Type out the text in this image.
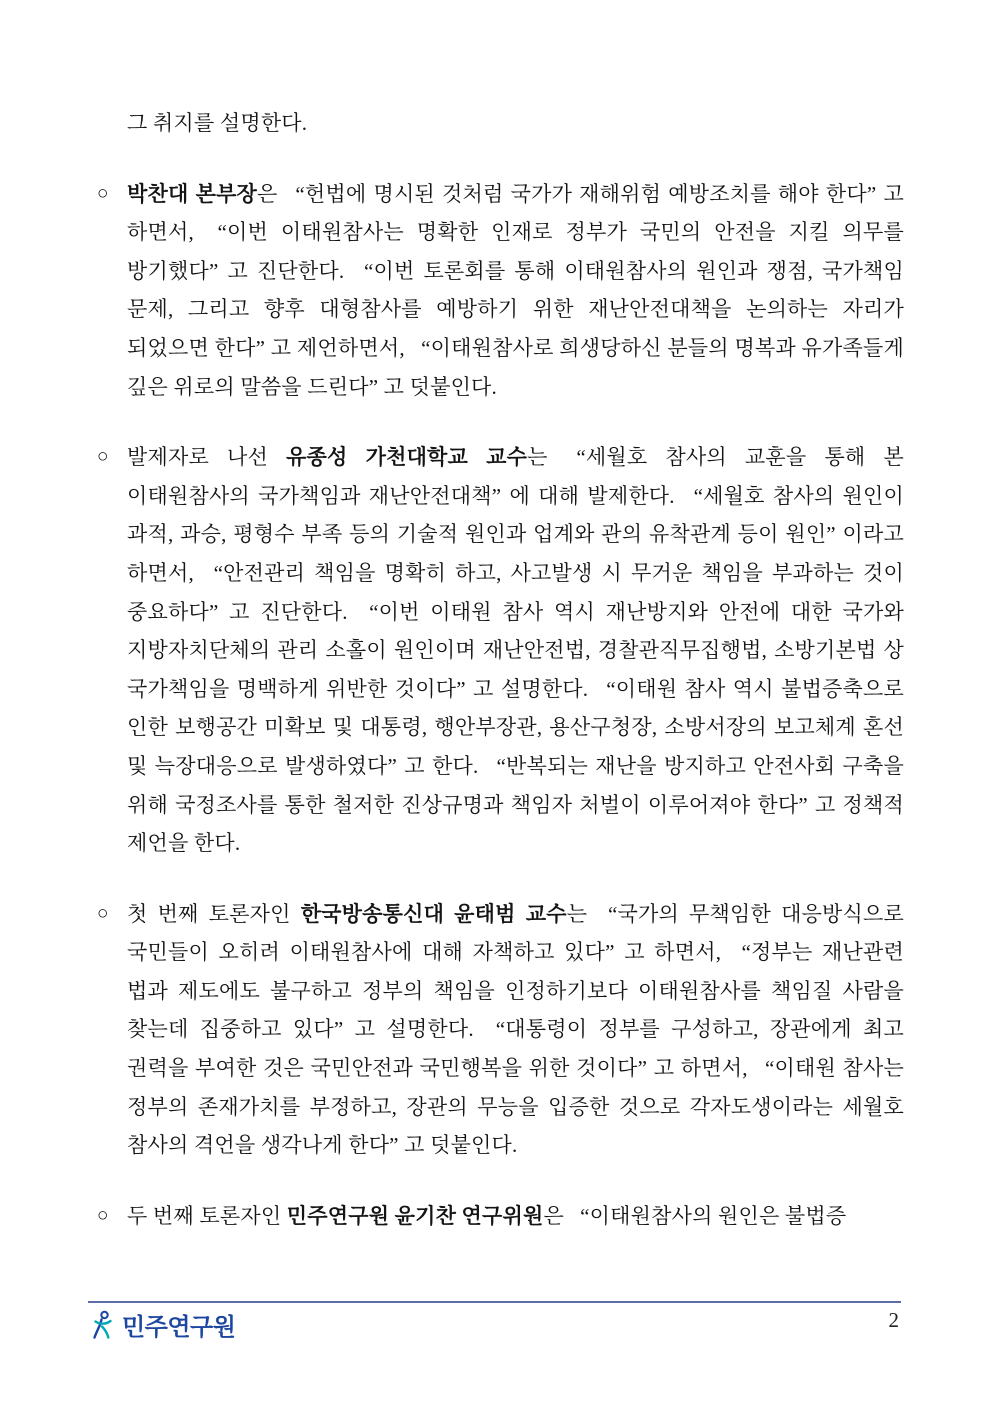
그 취지를 설명한다.
○ 박찬대 본부장은  “헌법에 명시된 것처럼 국가가 재해위험 예방조치를 해야 한다” 고 하면서,  “이번 이태원참사는 명확한 인재로 정부가 국민의 안전을 지킬 의무를 방기했다” 고 진단한다.  “이번 토론회를 통해 이태원참사의 원인과 쟁점, 국가책임 문제, 그리고 향후 대형참사를 예방하기 위한 재난안전대책을 논의하는 자리가 되었으면 한다” 고 제언하면서,  “이태원참사로 희생당하신 분들의 명복과 유가족들게 깊은 위로의 말씀을 드린다” 고 덧붙인다.
○ 발제자로 나선 유종성 가천대학교 교수는  “세월호 참사의 교훈을 통해 본 이태원참사의 국가책임과 재난안전대책” 에 대해 발제한다.  “세월호 참사의 원인이 과적, 과승, 평형수 부족 등의 기술적 원인과 업계와 관의 유착관계 등이 원인” 이라고 하면서,  “안전관리 책임을 명확히 하고, 사고발생 시 무거운 책임을 부과하는 것이 중요하다” 고 진단한다.  “이번 이태원 참사 역시 재난방지와 안전에 대한 국가와 지방자치단체의 관리 소홀이 원인이며 재난안전법, 경찰관직무집행법, 소방기본법 상 국가책임을 명백하게 위반한 것이다” 고 설명한다.  “이태원 참사 역시 불법증축으로 인한 보행공간 미확보 및 대통령, 행안부장관, 용산구청장, 소방서장의 보고체계 혼선 및 늑장대응으로 발생하였다” 고 한다.  “반복되는 재난을 방지하고 안전사회 구축을 위해 국정조사를 통한 철저한 진상규명과 책임자 처벌이 이루어져야 한다” 고 정책적 제언을 한다.
○ 첫 번째 토론자인 한국방송통신대 윤태범 교수는  “국가의 무책임한 대응방식으로 국민들이 오히려 이태원참사에 대해 자책하고 있다” 고 하면서,  “정부는 재난관련 법과 제도에도 불구하고 정부의 책임을 인정하기보다 이태원참사를 책임질 사람을 찾는데 집중하고 있다” 고 설명한다.  “대통령이 정부를 구성하고, 장관에게 최고 권력을 부여한 것은 국민안전과 국민행복을 위한 것이다” 고 하면서,  “이태원 참사는 정부의 존재가치를 부정하고, 장관의 무능을 입증한 것으로 각자도생이라는 세월호 참사의 격언을 생각나게 한다” 고 덧붙인다.
○ 두 번째 토론자인 민주연구원 윤기찬 연구위원은  “이태원참사의 원인은 불법증
민주연구원	2
